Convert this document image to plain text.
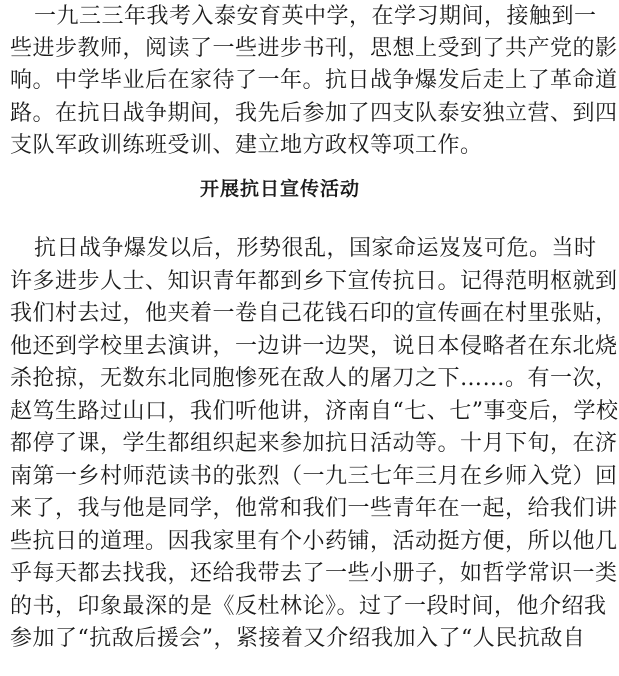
一九三三年我考入泰安育英中学，在学习期间，接触到一
些进步教师，阅读了一些进步书刊，思想上受到了共产党的影
响。中学毕业后在家待了一年。抗日战争爆发后走上了革命道
路。在抗日战争期间，我先后参加了四支队泰安独立营、到四
支队军政训练班受训、建立地方政权等项工作。
开展抗日宣传活动
抗日战争爆发以后，形势很乱，国家命运岌岌可危。当时
许多进步人士、知识青年都到乡下宣传抗日。记得范明枢就到
我们村去过，他夹着一卷自己花钱石印的宣传画在村里张贴，
他还到学校里去演讲，一边讲一边哭，说日本侵略者在东北烧
杀抢掠，无数东北同胞惨死在敌人的屠刀之下……。有一次，
赵笃生路过山口，我们听他讲，济南自“七、七”事变后，学校
都停了课，学生都组织起来参加抗日活动等。十月下旬，在济
南第一乡村师范读书的张烈（一九三七年三月在乡师入党）回
来了，我与他是同学，他常和我们一些青年在一起，给我们讲
些抗日的道理。因我家里有个小药铺，活动挺方便，所以他几
乎每天都去找我，还给我带去了一些小册子，如哲学常识一类
的书，印象最深的是《反杜林论》。过了一段时间，他介绍我
参加了“抗敌后援会”，紧接着又介绍我加入了“人民抗敌自
